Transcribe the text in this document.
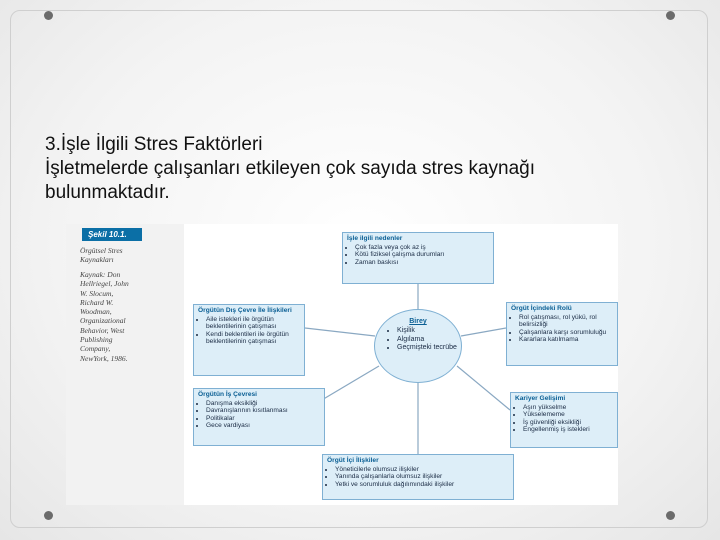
3.İşle İlgili Stres Faktörleri
İşletmelerde çalışanları etkileyen çok sayıda stres kaynağı
bulunmaktadır.
Şekil 10.1.
Örgütsel Stres
Kaynakları
Kaynak: Don
Hellriegel, John
W. Slocum,
Richard W.
Woodman,
Organizational
Behavior, West
Publishing
Company,
NewYork, 1986.
İşle ilgili nedenler
• Çok fazla veya çok az iş
• Kötü fiziksel çalışma durumları
• Zaman baskısı
Örgütün Dış Çevre İle İlişkileri
• Aile istekleri ile örgütün beklentilerinin çatışması
• Kendi beklentileri ile örgütün beklentilerinin çatışması
Örgüt İçindeki Rolü
• Rol çatışması, rol yükü, rol belirsizliği
• Çalışanlara karşı sorumluluğu
• Kararlara katılmama
Birey
• Kişilik
• Algılama
• Geçmişteki tecrübe
Örgütün İş Çevresi
• Danışma eksikliği
• Davranışlarının kısıtlanması
• Politikalar
• Gece vardiyası
Kariyer Gelişimi
• Aşırı yükselme
• Yükselememe
• İş güvenliği eksikliği
• Engellenmiş iş istekleri
Örgüt İçi İlişkiler
• Yöneticilerle olumsuz ilişkiler
• Yanında çalışanlarla olumsuz ilişkiler
• Yetki ve sorumluluk dağılımındaki ilişkiler
